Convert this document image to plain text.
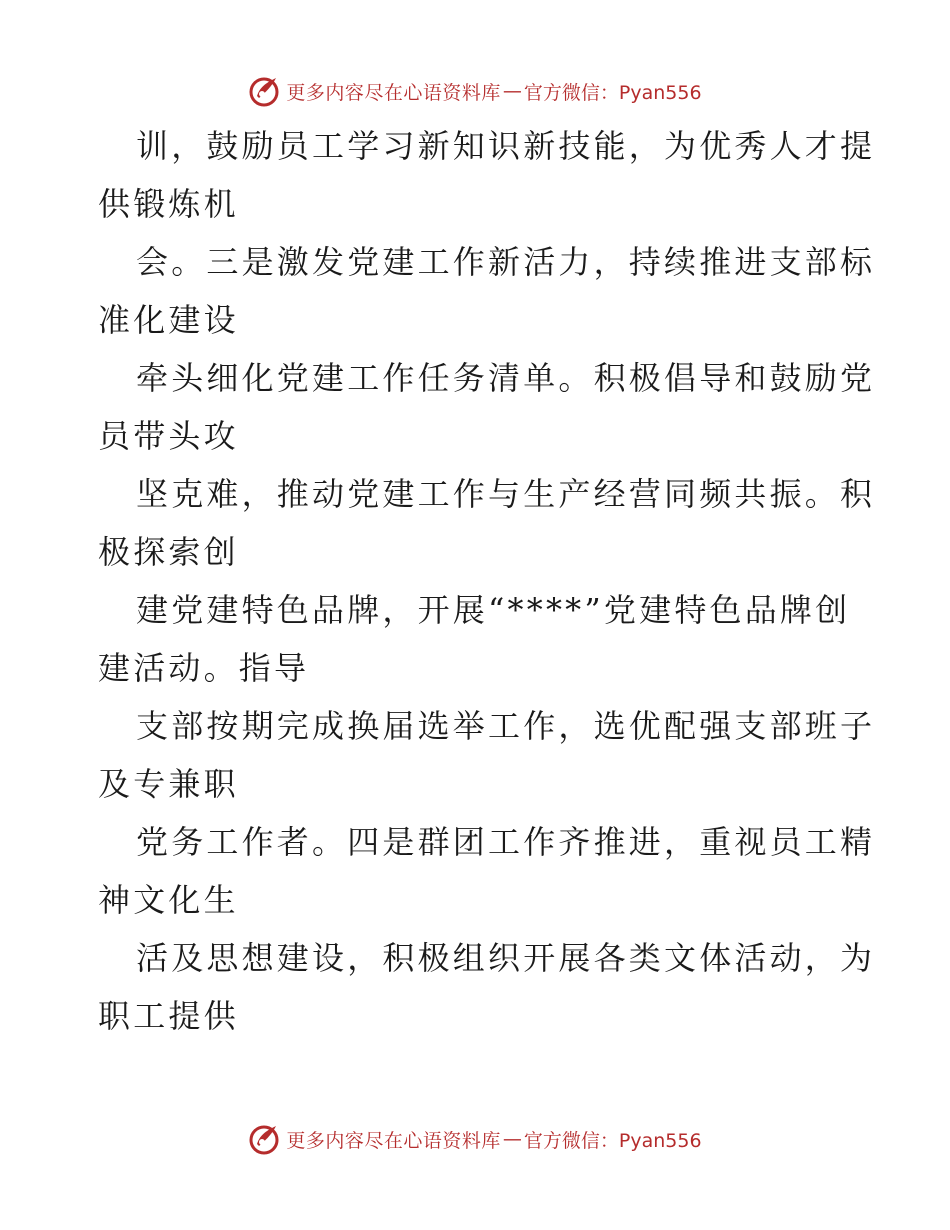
更多内容尽在心语资料库 — 官方微信：Pyan556

训，鼓励员工学习新知识新技能，为优秀人才提
供锻炼机

会。三是激发党建工作新活力，持续推进支部标
准化建设

牵头细化党建工作任务清单。积极倡导和鼓励党
员带头攻

坚克难，推动党建工作与生产经营同频共振。积
极探索创

建党建特色品牌，开展“****”党建特色品牌创
建活动。指导

支部按期完成换届选举工作，选优配强支部班子
及专兼职

党务工作者。四是群团工作齐推进，重视员工精
神文化生

活及思想建设，积极组织开展各类文体活动，为
职工提供

更多内容尽在心语资料库 — 官方微信：Pyan556
